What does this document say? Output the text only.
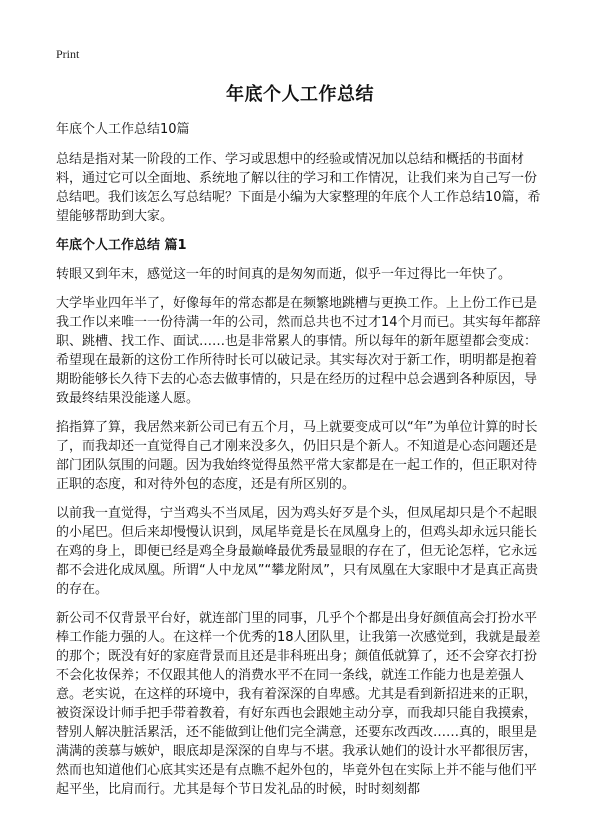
Print
年底个人工作总结

年底个人工作总结10篇

总结是指对某一阶段的工作、学习或思想中的经验或情况加以总结和概括的书面材料，通过它可以全面地、系统地了解以往的学习和工作情况，让我们来为自己写一份总结吧。我们该怎么写总结呢？下面是小编为大家整理的年底个人工作总结10篇，希望能够帮助到大家。

年底个人工作总结 篇1

转眼又到年末，感觉这一年的时间真的是匆匆而逝，似乎一年过得比一年快了。

大学毕业四年半了，好像每年的常态都是在频繁地跳槽与更换工作。上上份工作已是我工作以来唯一一份待满一年的公司，然而总共也不过才14个月而已。其实每年都辞职、跳槽、找工作、面试……也是非常累人的事情。所以每年的新年愿望都会变成：希望现在最新的这份工作所待时长可以破记录。其实每次对于新工作，明明都是抱着期盼能够长久待下去的心态去做事情的，只是在经历的过程中总会遇到各种原因，导致最终结果没能遂人愿。

掐指算了算，我居然来新公司已有五个月，马上就要变成可以“年”为单位计算的时长了，而我却还一直觉得自己才刚来没多久，仍旧只是个新人。不知道是心态问题还是部门团队氛围的问题。因为我始终觉得虽然平常大家都是在一起工作的，但正职对待正职的态度，和对待外包的态度，还是有所区别的。

以前我一直觉得，宁当鸡头不当凤尾，因为鸡头好歹是个头，但凤尾却只是个不起眼的小尾巴。但后来却慢慢认识到，凤尾毕竟是长在凤凰身上的，但鸡头却永远只能长在鸡的身上，即便已经是鸡全身最巅峰最优秀最显眼的存在了，但无论怎样，它永远都不会进化成凤凰。所谓“人中龙凤”“攀龙附凤”，只有凤凰在大家眼中才是真正高贵的存在。

新公司不仅背景平台好，就连部门里的同事，几乎个个都是出身好颜值高会打扮水平棒工作能力强的人。在这样一个优秀的18人团队里，让我第一次感觉到，我就是最差的那个；既没有好的家庭背景而且还是非科班出身；颜值低就算了，还不会穿衣打扮不会化妆保养；不仅跟其他人的消费水平不在同一条线，就连工作能力也是差强人意。老实说，在这样的环境中，我有着深深的自卑感。尤其是看到新招进来的正职，被资深设计师手把手带着教着，有好东西也会跟她主动分享，而我却只能自我摸索，替别人解决脏活累活，还不能做到让他们完全满意，还要东改西改……真的，眼里是满满的羡慕与嫉妒，眼底却是深深的自卑与不堪。我承认她们的设计水平都很厉害，然而也知道他们心底其实还是有点瞧不起外包的，毕竟外包在实际上并不能与他们平起平坐，比肩而行。尤其是每个节日发礼品的时候，时时刻刻都
